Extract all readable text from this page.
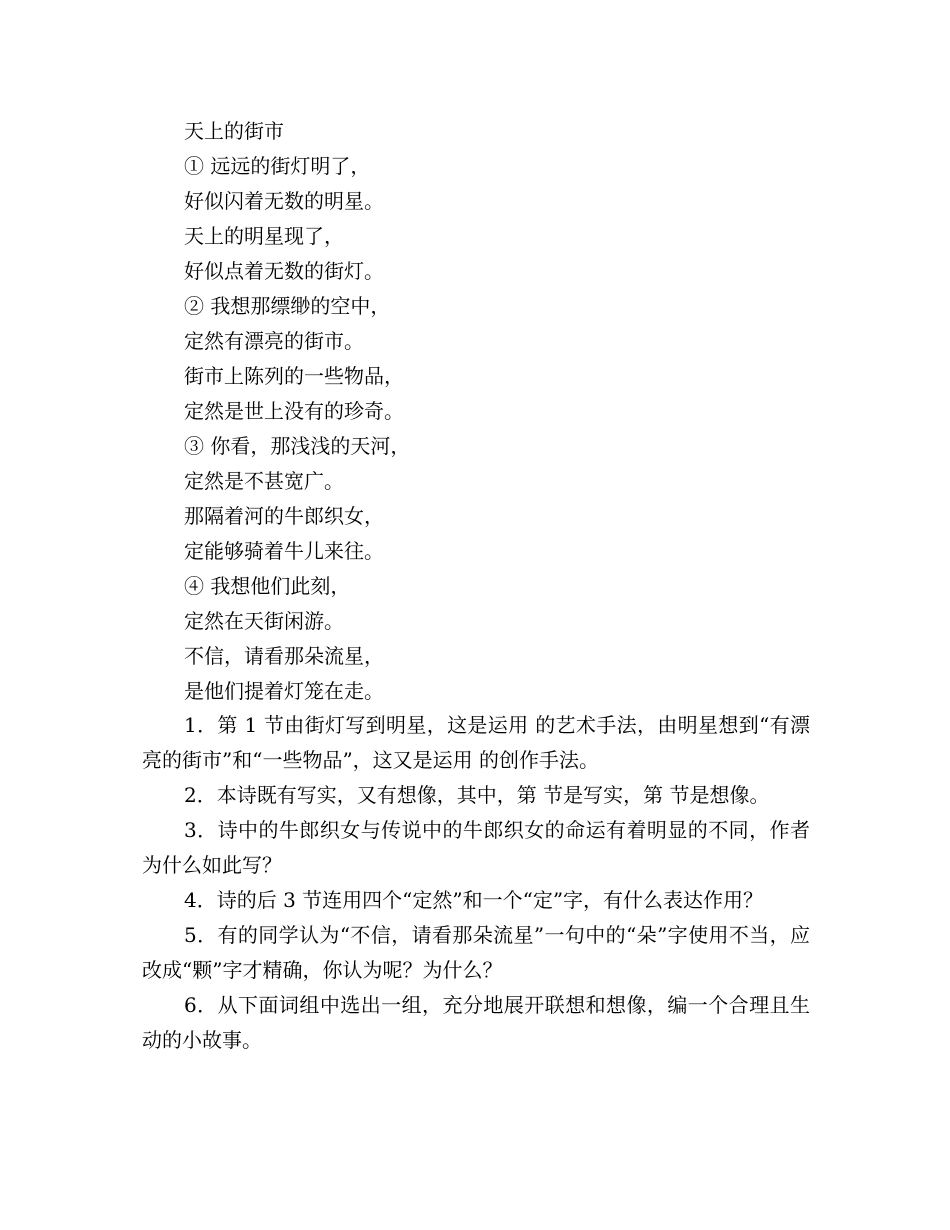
天上的街市
① 远远的街灯明了，
好似闪着无数的明星。
天上的明星现了，
好似点着无数的街灯。
② 我想那缥缈的空中，
定然有漂亮的街市。
街市上陈列的一些物品，
定然是世上没有的珍奇。
③ 你看，那浅浅的天河，
定然是不甚宽广。
那隔着河的牛郎织女，
定能够骑着牛儿来往。
④ 我想他们此刻，
定然在天街闲游。
不信，请看那朵流星，
是他们提着灯笼在走。

1．第 1 节由街灯写到明星，这是运用 的艺术手法，由明星想到“有漂亮的街市”和“一些物品”，这又是运用 的创作手法。

2．本诗既有写实，又有想像，其中，第 节是写实，第 节是想像。

3．诗中的牛郎织女与传说中的牛郎织女的命运有着明显的不同，作者为什么如此写？

4．诗的后 3 节连用四个“定然”和一个“定”字，有什么表达作用？

5．有的同学认为“不信，请看那朵流星”一句中的“朵”字使用不当，应改成“颗”字才精确，你认为呢？为什么？

6．从下面词组中选出一组，充分地展开联想和想像，编一个合理且生动的小故事。
